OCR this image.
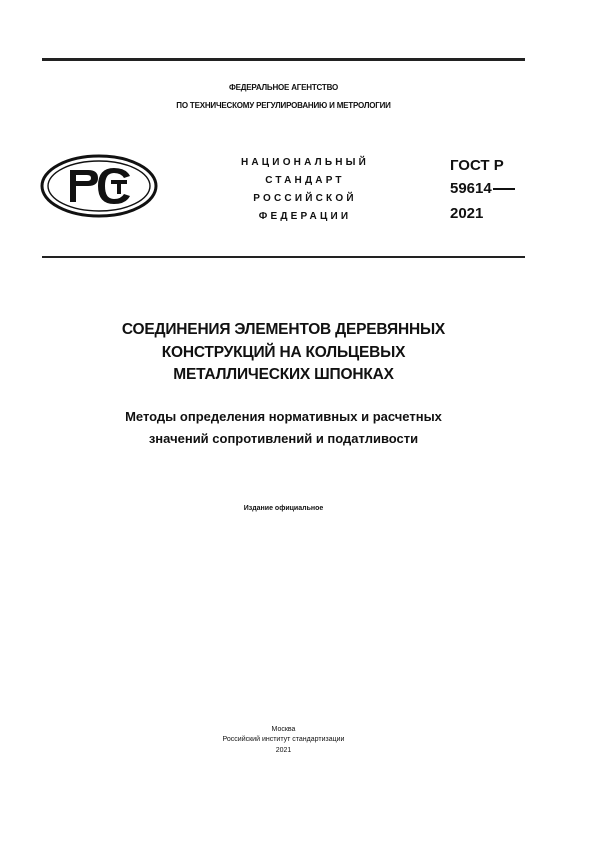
ФЕДЕРАЛЬНОЕ АГЕНТСТВО
ПО ТЕХНИЧЕСКОМУ РЕГУЛИРОВАНИЮ И МЕТРОЛОГИИ
НАЦИОНАЛЬНЫЙ
СТАНДАРТ
РОССИЙСКОЙ
ФЕДЕРАЦИИ
ГОСТ Р
59614
2021
СОЕДИНЕНИЯ ЭЛЕМЕНТОВ ДЕРЕВЯННЫХ
КОНСТРУКЦИЙ НА КОЛЬЦЕВЫХ
МЕТАЛЛИЧЕСКИХ ШПОНКАХ
Методы определения нормативных и расчетных
значений сопротивлений и податливости
Издание официальное
Москва
Российский институт стандартизации
2021
